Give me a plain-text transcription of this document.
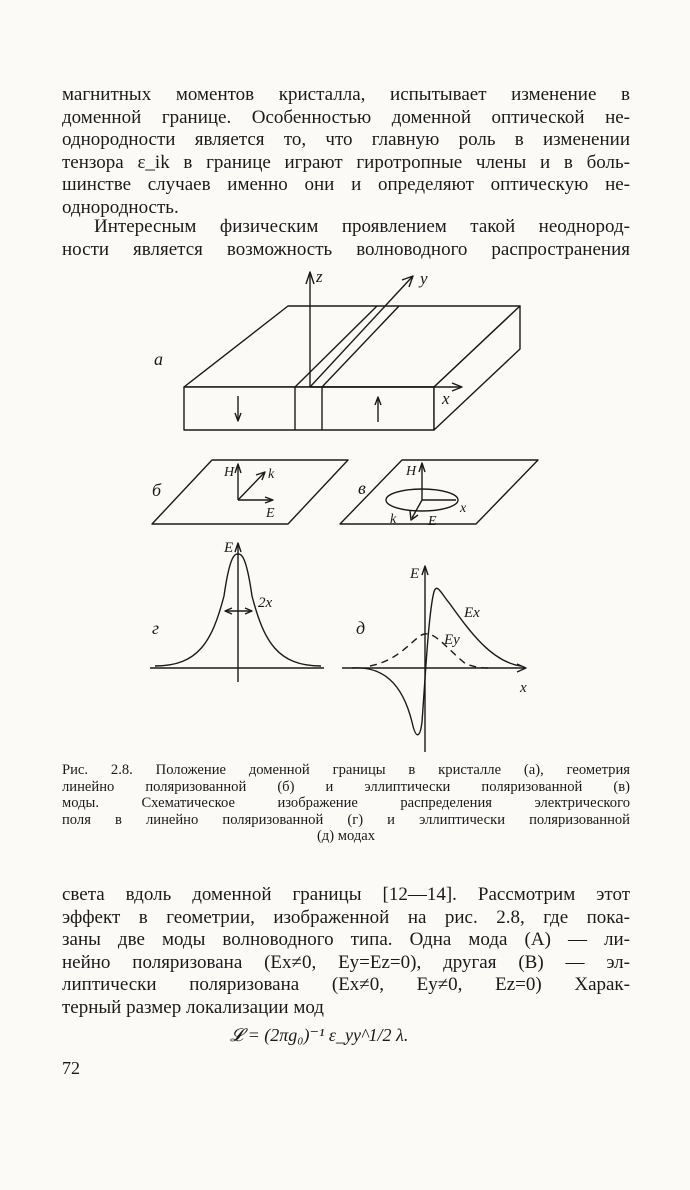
магнитных моментов кристалла, испытывает изменение в
доменной границе. Особенностью доменной оптической не-
однородности является то, что главную роль в изменении
тензора ε_ik в границе играют гиротропные члены и в боль-
шинстве случаев именно они и определяют оптическую не-
однородность.
Интересным физическим проявлением такой неоднород-
ности является возможность волноводного распространения
а
z	y
x
б
H k
E
в
H
k E
x
г
E
2x
д
E
Ex
Ey
x
Рис. 2.8. Положение доменной границы в кристалле (а), геометрия
линейно поляризованной (б) и эллиптически поляризованной (в)
моды. Схематическое изображение распределения электрического
поля в линейно поляризованной (г) и эллиптически поляризованной
(д) модах
света вдоль доменной границы [12—14]. Рассмотрим этот
эффект в геометрии, изображенной на рис. 2.8, где пока-
заны две моды волноводного типа. Одна мода (A) — ли-
нейно поляризована (Ex≠0, Ey=Ez=0), другая (B) — эл-
липтически поляризована (Ex≠0, Ey≠0, Ez=0) Харак-
терный размер локализации мод
𝓛 = (2πg₀)⁻¹ ε_yy^1/2 λ.
72
